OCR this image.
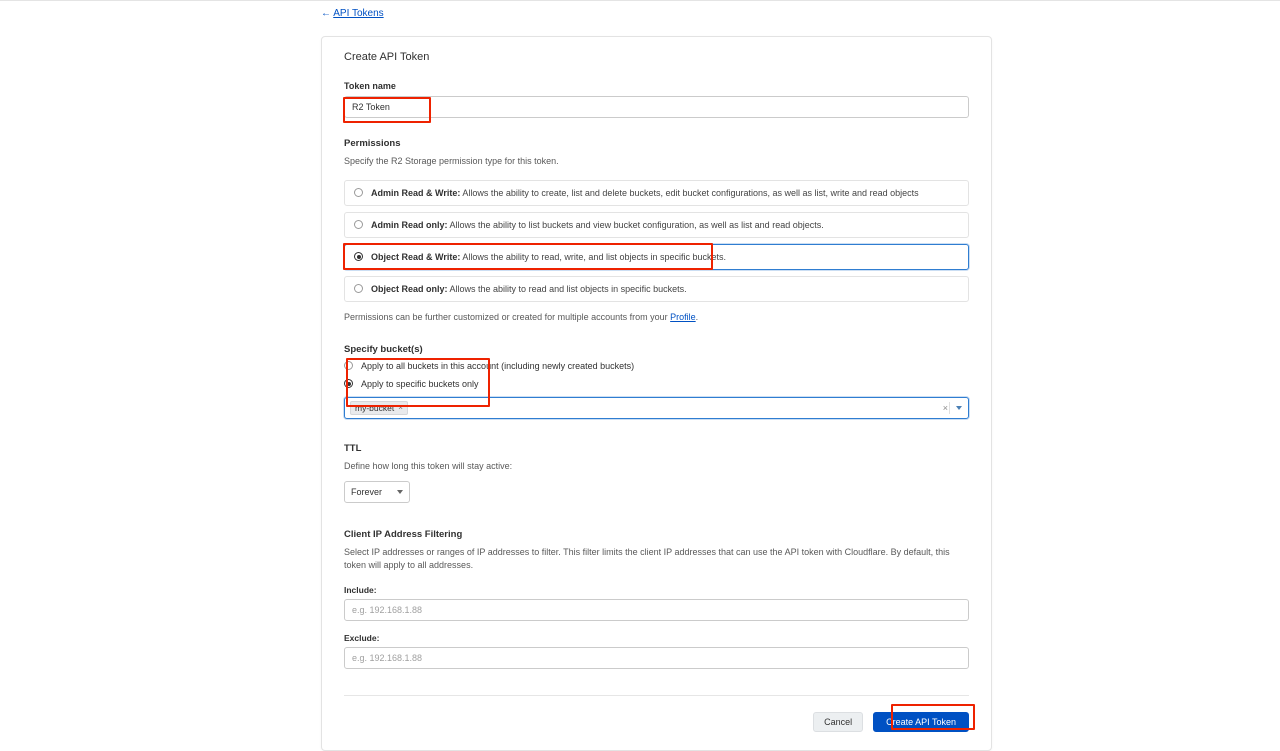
← API Tokens
Create API Token
Token name
R2 Token
Permissions
Specify the R2 Storage permission type for this token.
Admin Read & Write: Allows the ability to create, list and delete buckets, edit bucket configurations, as well as list, write and read objects
Admin Read only: Allows the ability to list buckets and view bucket configuration, as well as list and read objects.
Object Read & Write: Allows the ability to read, write, and list objects in specific buckets.
Object Read only: Allows the ability to read and list objects in specific buckets.
Permissions can be further customized or created for multiple accounts from your Profile.
Specify bucket(s)
Apply to all buckets in this account (including newly created buckets)
Apply to specific buckets only
my-bucket ×	×
TTL
Define how long this token will stay active:
Forever
Client IP Address Filtering
Select IP addresses or ranges of IP addresses to filter. This filter limits the client IP addresses that can use the API token with Cloudflare. By default, this token will apply to all addresses.
Include:
e.g. 192.168.1.88
Exclude:
e.g. 192.168.1.88
Cancel	Create API Token
